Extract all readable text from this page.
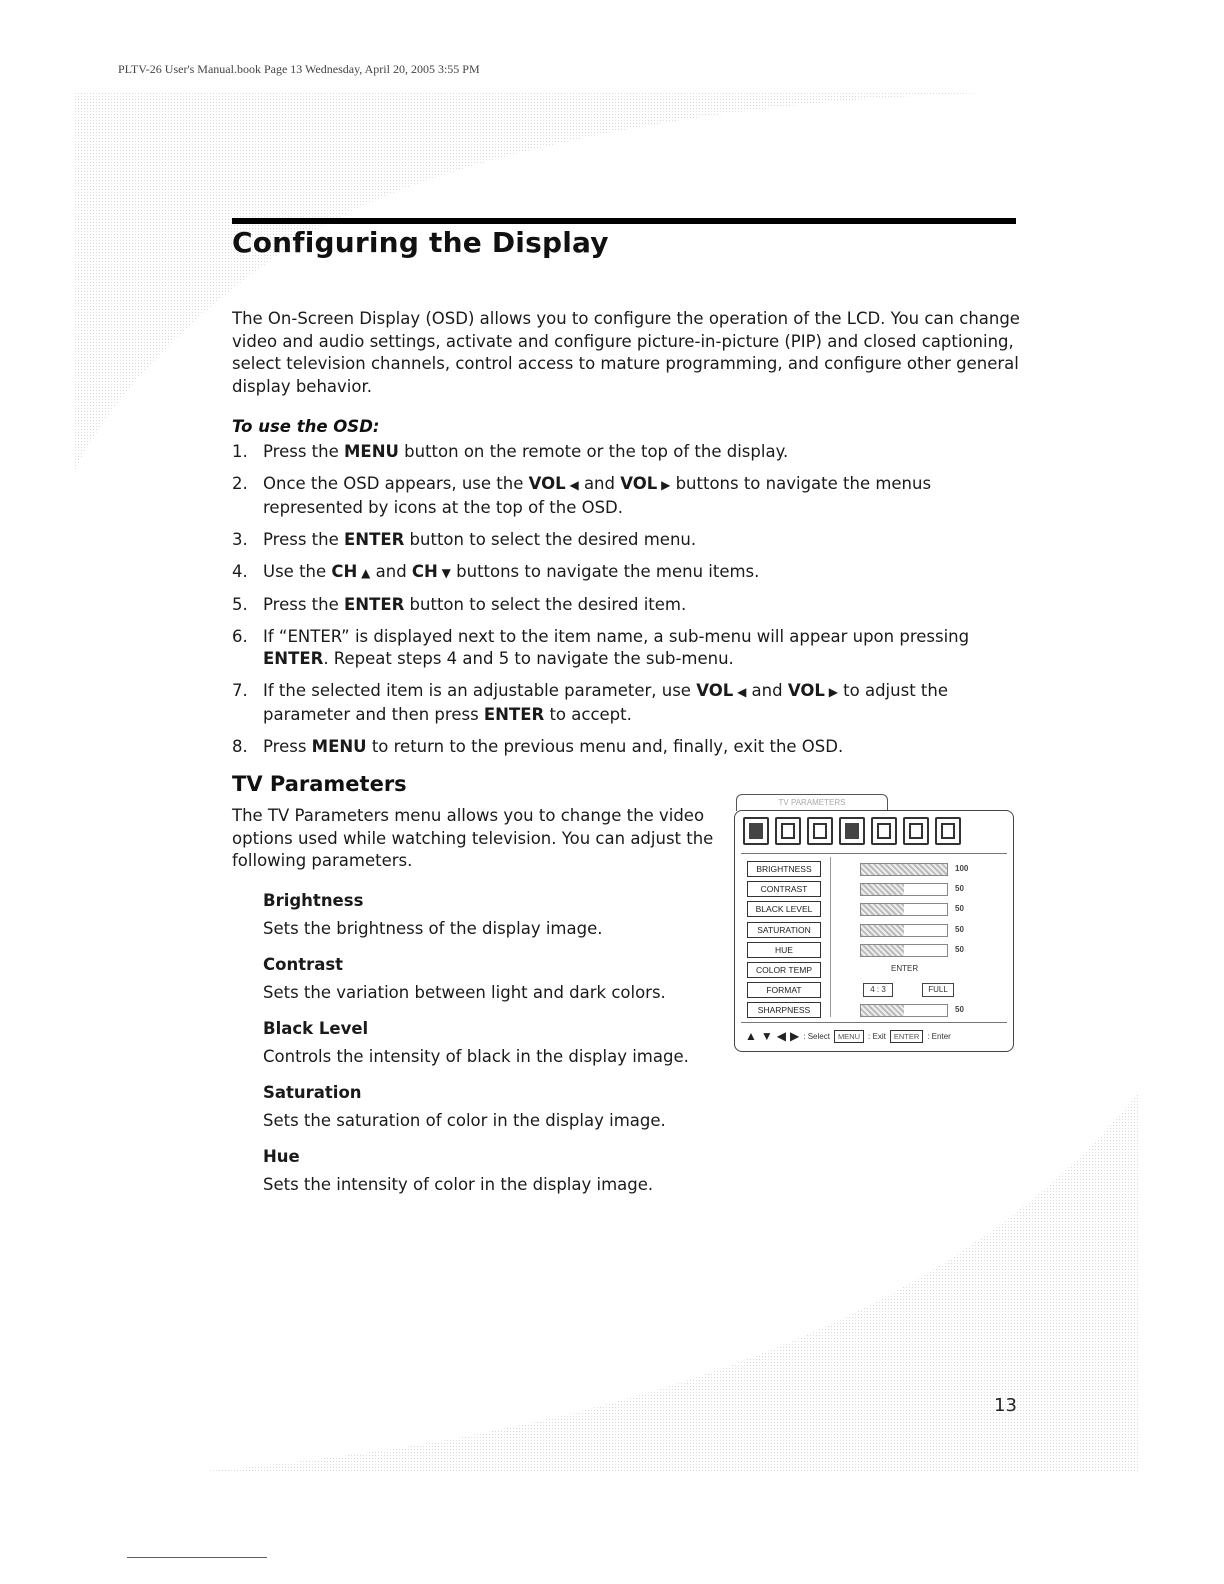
PLTV-26 User's Manual.book Page 13 Wednesday, April 20, 2005 3:55 PM
Configuring the Display

The On-Screen Display (OSD) allows you to configure the operation of the LCD. You can change video and audio settings, activate and configure picture-in-picture (PIP) and closed captioning, select television channels, control access to mature programming, and configure other general display behavior.

To use the OSD:
1. Press the MENU button on the remote or the top of the display.
2. Once the OSD appears, use the VOL ◀ and VOL ▶ buttons to navigate the menus represented by icons at the top of the OSD.
3. Press the ENTER button to select the desired menu.
4. Use the CH ▲ and CH ▼ buttons to navigate the menu items.
5. Press the ENTER button to select the desired item.
6. If “ENTER” is displayed next to the item name, a sub-menu will appear upon pressing ENTER. Repeat steps 4 and 5 to navigate the sub-menu.
7. If the selected item is an adjustable parameter, use VOL ◀ and VOL ▶ to adjust the parameter and then press ENTER to accept.
8. Press MENU to return to the previous menu and, finally, exit the OSD.
TV Parameters

The TV Parameters menu allows you to change the video options used while watching television. You can adjust the following parameters.

Brightness

Sets the brightness of the display image.

Contrast

Sets the variation between light and dark colors.

Black Level

Controls the intensity of black in the display image.

Saturation

Sets the saturation of color in the display image.

Hue

Sets the intensity of color in the display image.

TV PARAMETERS
BRIGHTNESS	100
CONTRAST	50
BLACK LEVEL	50
SATURATION	50
HUE	50
COLOR TEMP	ENTER
FORMAT	4 : 3	FULL
SHARPNESS	50
▲ ▼ ◀ ▶ : Select	MENU	: Exit	ENTER	: Enter
13
